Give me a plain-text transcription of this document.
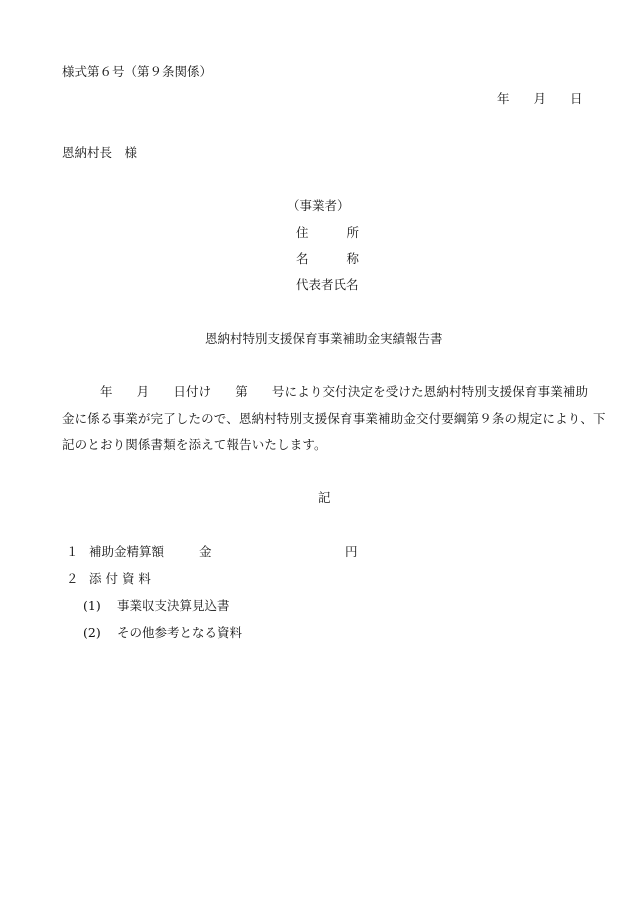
様式第６号（第９条関係）
年 月 日
恩納村長　様
（事業者）
住	所
名	称
代表者氏名
恩納村特別支援保育事業補助金実績報告書
年 月 日付け 第 号により交付決定を受けた恩納村特別支援保育事業補助
金に係る事業が完了したので、恩納村特別支援保育事業補助金交付要綱第９条の規定により、下
記のとおり関係書類を添えて報告いたします。
記
１ 補助金精算額	金	円
２ 添 付 資 料
(1) 事業収支決算見込書
(2) その他参考となる資料
